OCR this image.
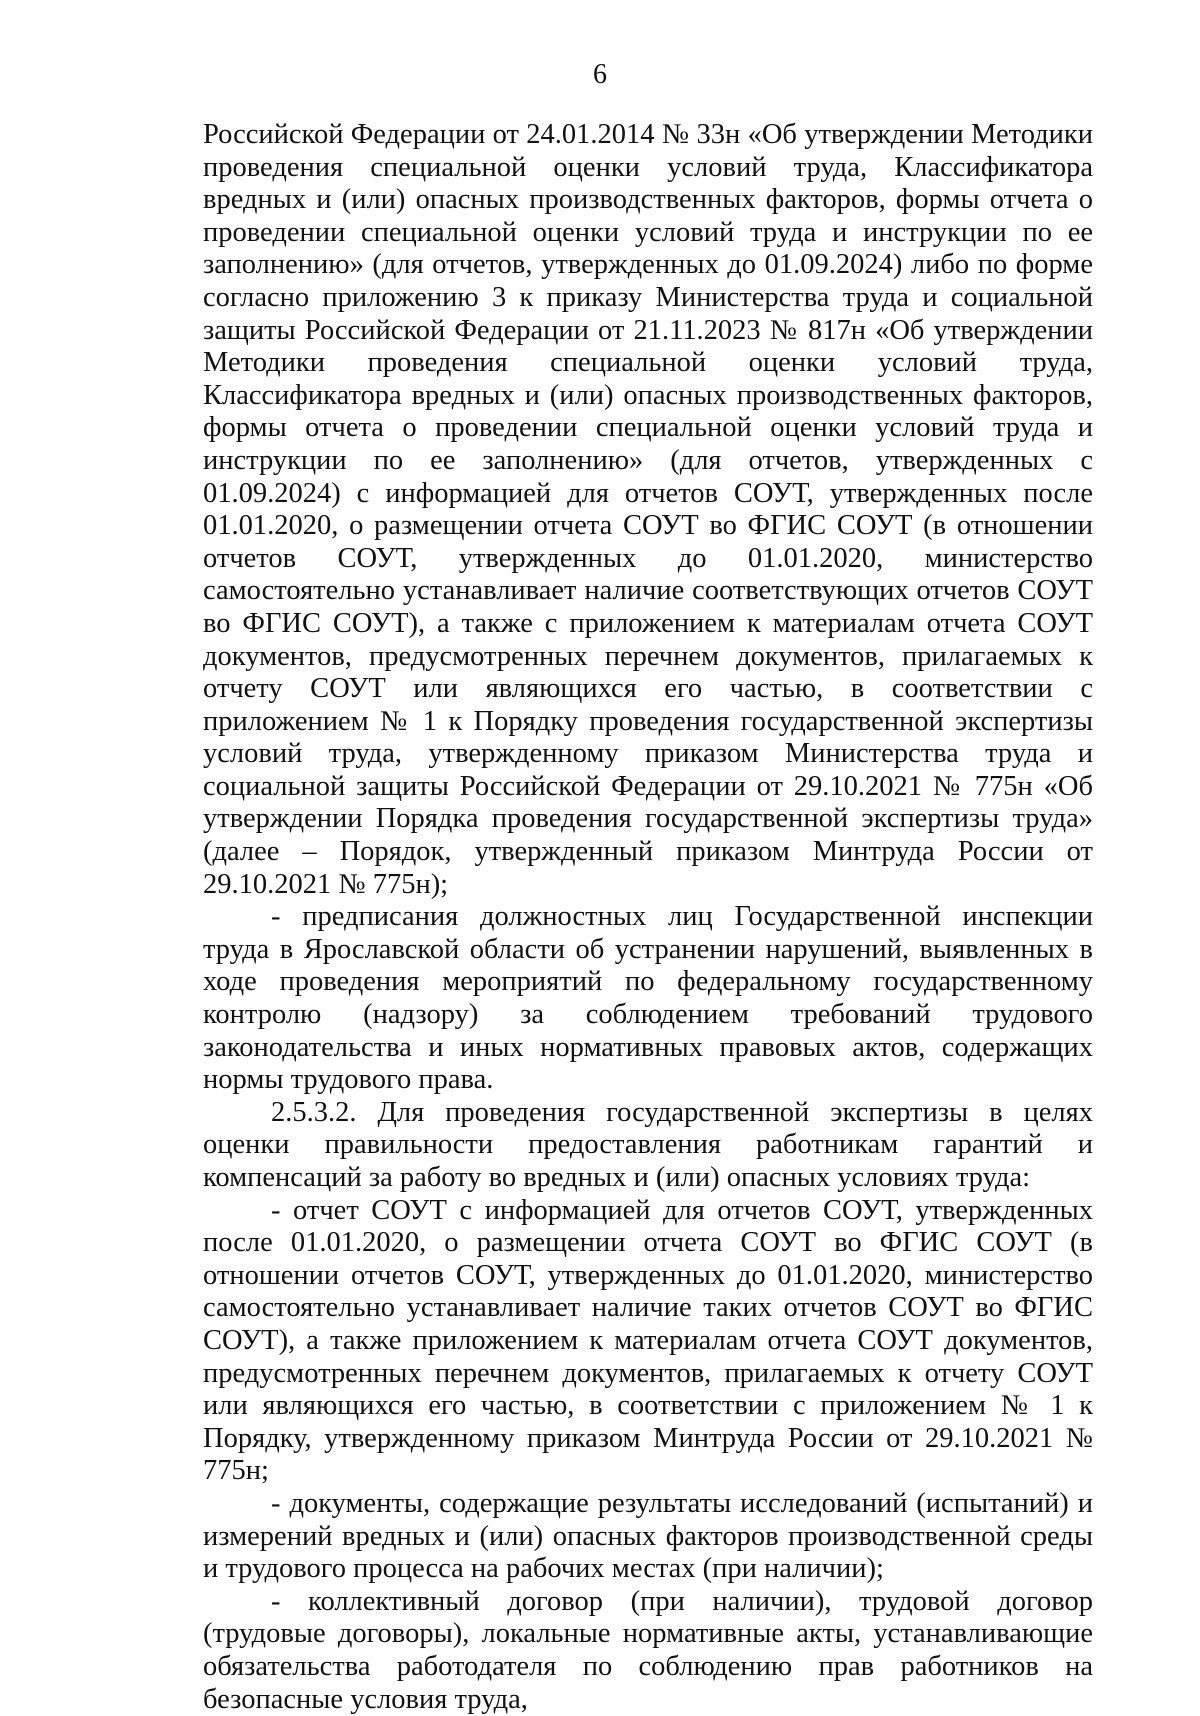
6

Российской Федерации от 24.01.2014 № 33н «Об утверждении Методики проведения специальной оценки условий труда, Классификатора вредных и (или) опасных производственных факторов, формы отчета о проведении специальной оценки условий труда и инструкции по ее заполнению» (для отчетов, утвержденных до 01.09.2024) либо по форме согласно приложению 3 к приказу Министерства труда и социальной защиты Российской Федерации от 21.11.2023 № 817н «Об утверждении Методики проведения специальной оценки условий труда, Классификатора вредных и (или) опасных производственных факторов, формы отчета о проведении специальной оценки условий труда и инструкции по ее заполнению» (для отчетов, утвержденных с 01.09.2024) с информацией для отчетов СОУТ, утвержденных после 01.01.2020, о размещении отчета СОУТ во ФГИС СОУТ (в отношении отчетов СОУТ, утвержденных до 01.01.2020, министерство самостоятельно устанавливает наличие соответствующих отчетов СОУТ во ФГИС СОУТ), а также с приложением к материалам отчета СОУТ документов, предусмотренных перечнем документов, прилагаемых к отчету СОУТ или являющихся его частью, в соответствии с приложением № 1 к Порядку проведения государственной экспертизы условий труда, утвержденному приказом Министерства труда и социальной защиты Российской Федерации от 29.10.2021 № 775н «Об утверждении Порядка проведения государственной экспертизы труда» (далее – Порядок, утвержденный приказом Минтруда России от 29.10.2021 № 775н);

- предписания должностных лиц Государственной инспекции труда в Ярославской области об устранении нарушений, выявленных в ходе проведения мероприятий по федеральному государственному контролю (надзору) за соблюдением требований трудового законодательства и иных нормативных правовых актов, содержащих нормы трудового права.

2.5.3.2. Для проведения государственной экспертизы в целях оценки правильности предоставления работникам гарантий и компенсаций за работу во вредных и (или) опасных условиях труда:

- отчет СОУТ с информацией для отчетов СОУТ, утвержденных после 01.01.2020, о размещении отчета СОУТ во ФГИС СОУТ (в отношении отчетов СОУТ, утвержденных до 01.01.2020, министерство самостоятельно устанавливает наличие таких отчетов СОУТ во ФГИС СОУТ), а также приложением к материалам отчета СОУТ документов, предусмотренных перечнем документов, прилагаемых к отчету СОУТ или являющихся его частью, в соответствии с приложением № 1 к Порядку, утвержденному приказом Минтруда России от 29.10.2021 № 775н;

- документы, содержащие результаты исследований (испытаний) и измерений вредных и (или) опасных факторов производственной среды и трудового процесса на рабочих местах (при наличии);

- коллективный договор (при наличии), трудовой договор (трудовые договоры), локальные нормативные акты, устанавливающие обязательства работодателя по соблюдению прав работников на безопасные условия труда,
